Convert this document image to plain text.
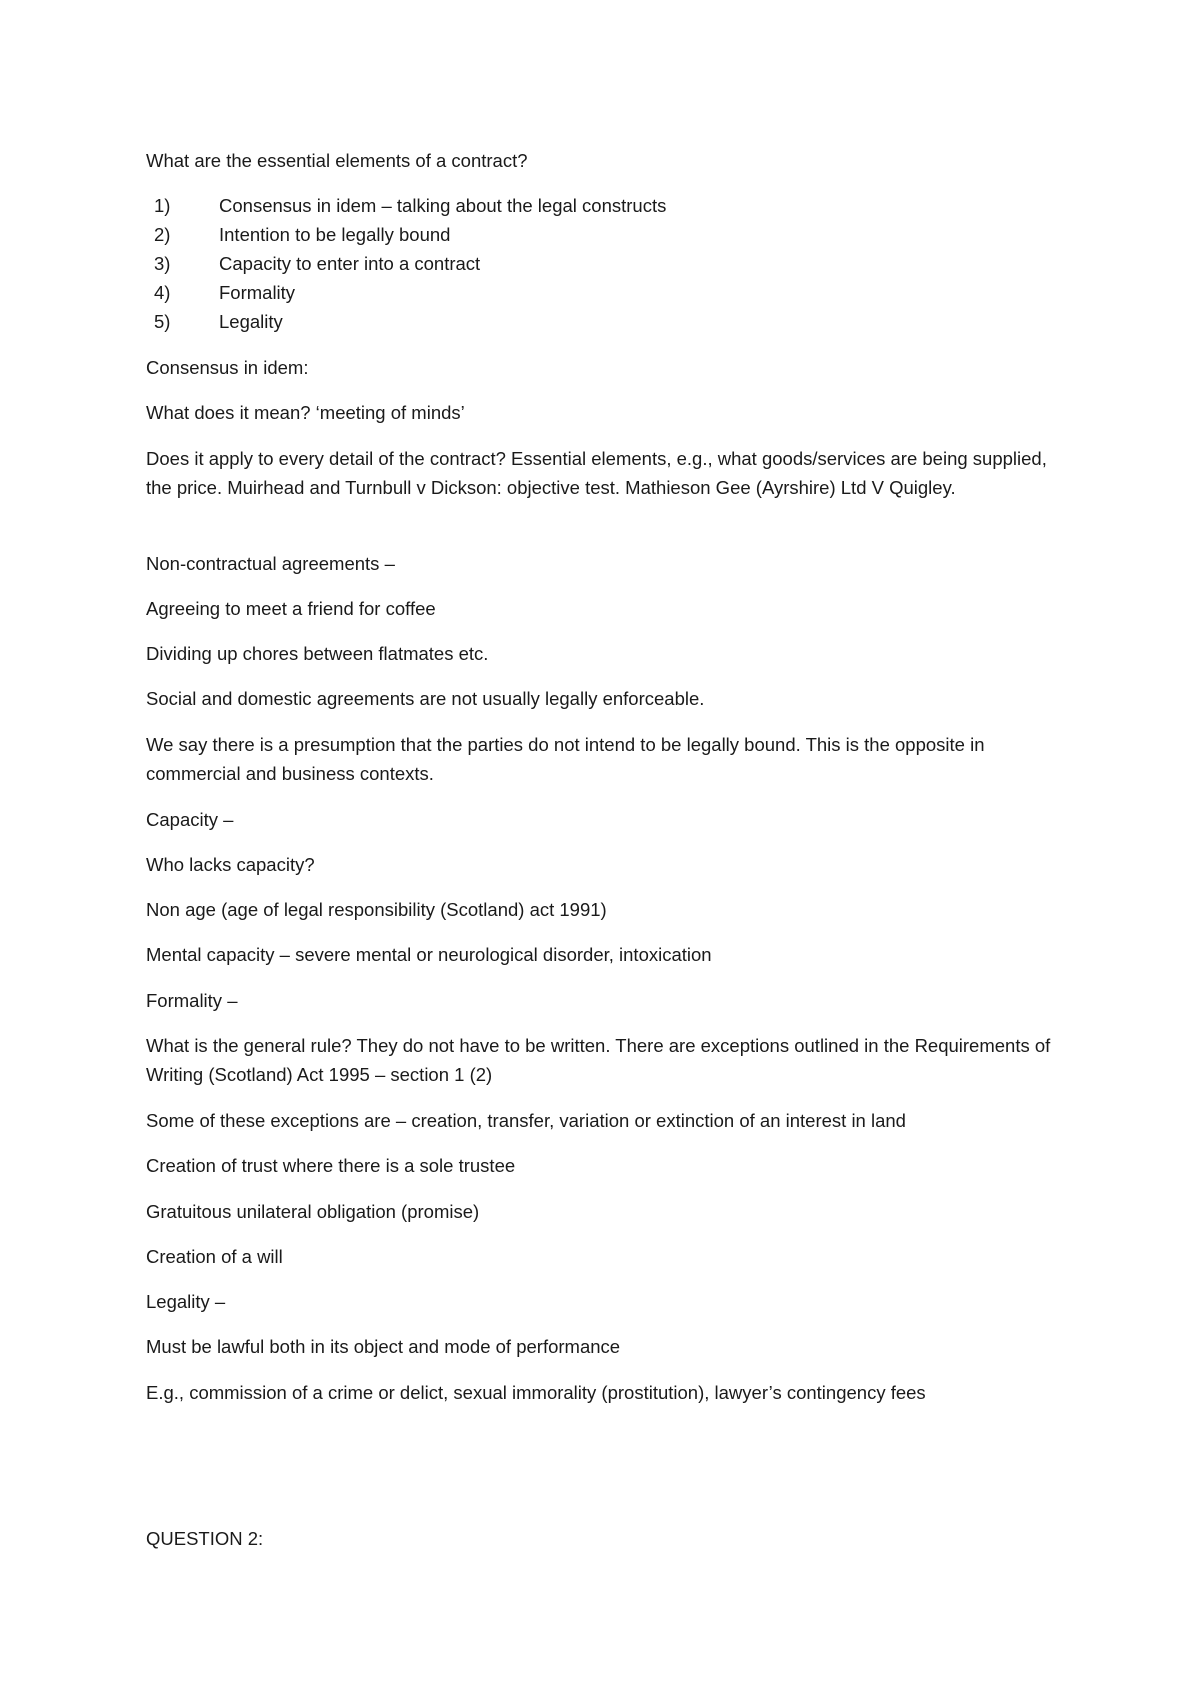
What are the essential elements of a contract?

1)	Consensus in idem – talking about the legal constructs

2)	Intention to be legally bound

3)	Capacity to enter into a contract

4)	Formality

5)	Legality

Consensus in idem:

What does it mean? ‘meeting of minds’

Does it apply to every detail of the contract? Essential elements, e.g., what goods/services are being supplied, the price. Muirhead and Turnbull v Dickson: objective test. Mathieson Gee (Ayrshire) Ltd V Quigley.

Non-contractual agreements –

Agreeing to meet a friend for coffee

Dividing up chores between flatmates etc.

Social and domestic agreements are not usually legally enforceable.

We say there is a presumption that the parties do not intend to be legally bound. This is the opposite in commercial and business contexts.

Capacity –

Who lacks capacity?

Non age (age of legal responsibility (Scotland) act 1991)

Mental capacity – severe mental or neurological disorder, intoxication

Formality –

What is the general rule? They do not have to be written. There are exceptions outlined in the Requirements of Writing (Scotland) Act 1995 – section 1 (2)

Some of these exceptions are – creation, transfer, variation or extinction of an interest in land

Creation of trust where there is a sole trustee

Gratuitous unilateral obligation (promise)

Creation of a will

Legality –

Must be lawful both in its object and mode of performance

E.g., commission of a crime or delict, sexual immorality (prostitution), lawyer’s contingency fees

QUESTION 2:
